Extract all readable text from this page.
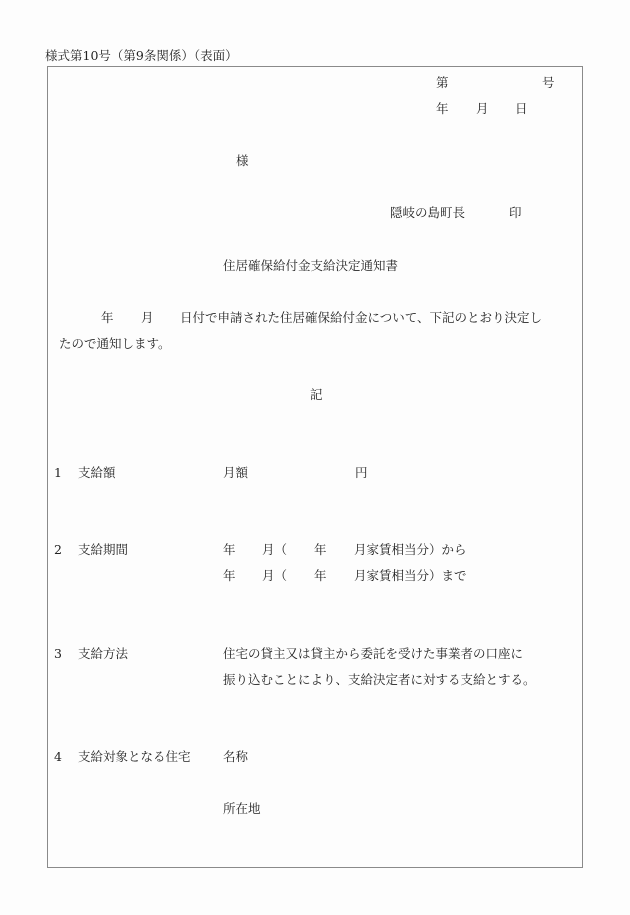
様式第10号（第9条関係）（表面）
第	号
年 月 日
様
隠岐の島町長	印
住居確保給付金支給決定通知書
年 月 日付で申請された住居確保給付金について、下記のとおり決定し
たので通知します。
記
1 支給額	月額	円
2 支給期間	年 月（ 年 月家賃相当分）から
年 月（ 年 月家賃相当分）まで
3 支給方法	住宅の貸主又は貸主から委託を受けた事業者の口座に
振り込むことにより、支給決定者に対する支給とする。
4 支給対象となる住宅	名称
所在地
